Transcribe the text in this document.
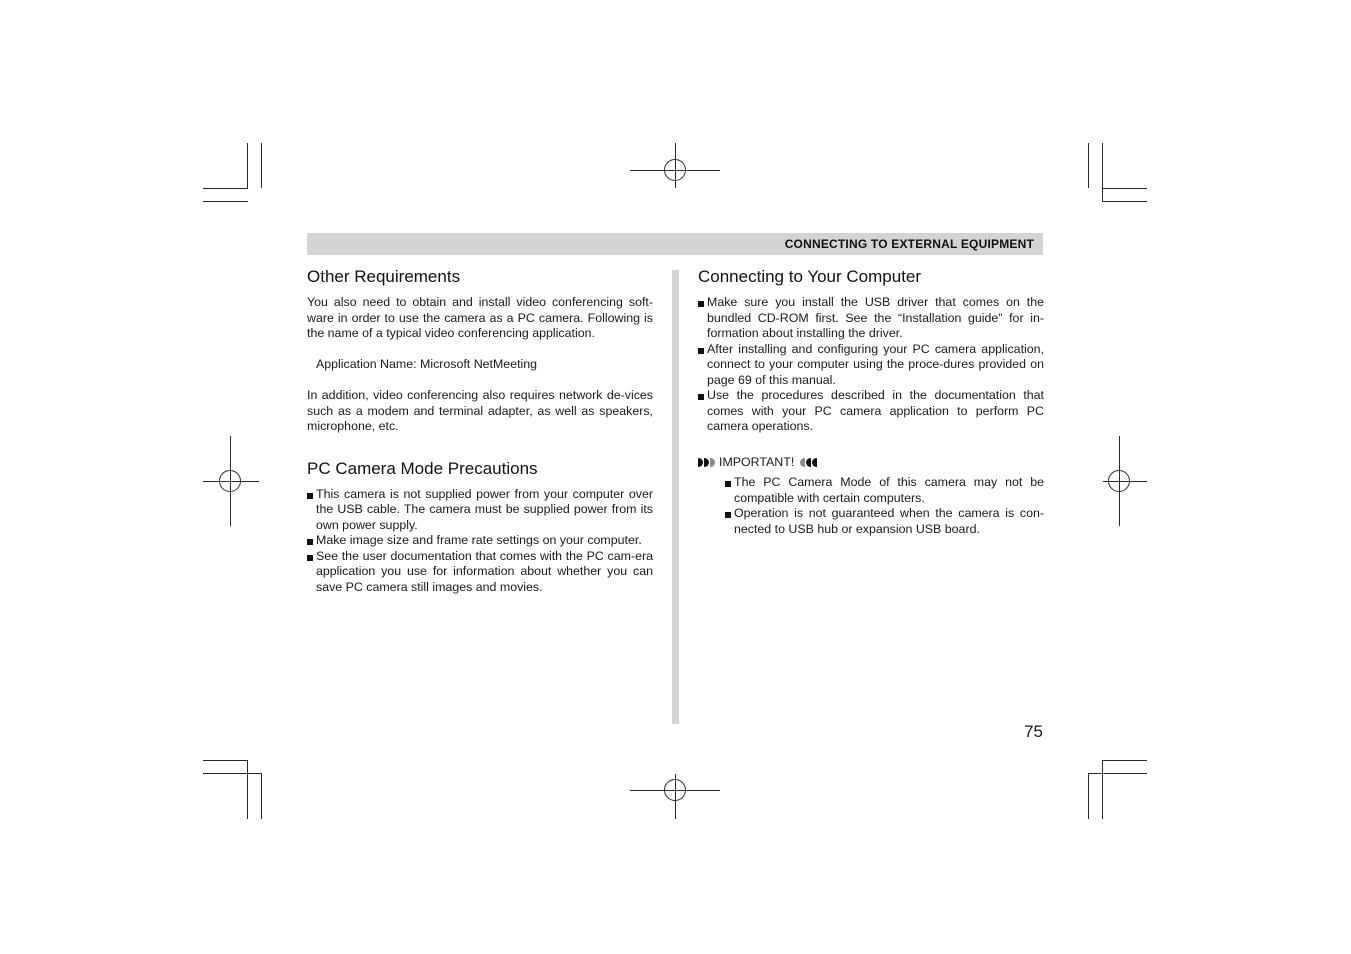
CONNECTING TO EXTERNAL EQUIPMENT
Other Requirements

You also need to obtain and install video conferencing soft-ware in order to use the camera as a PC camera. Following is the name of a typical video conferencing application.

Application Name: Microsoft NetMeeting

In addition, video conferencing also requires network de-vices such as a modem and terminal adapter, as well as speakers, microphone, etc.

PC Camera Mode Precautions
This camera is not supplied power from your computer over the USB cable. The camera must be supplied power from its own power supply.
Make image size and frame rate settings on your computer.
See the user documentation that comes with the PC cam-era application you use for information about whether you can save PC camera still images and movies.
Connecting to Your Computer
Make sure you install the USB driver that comes on the bundled CD-ROM first. See the “Installation guide” for in-formation about installing the driver.
After installing and configuring your PC camera application, connect to your computer using the proce-dures provided on page 69 of this manual.
Use the procedures described in the documentation that comes with your PC camera application to perform PC camera operations.
IMPORTANT!
The PC Camera Mode of this camera may not be compatible with certain computers.
Operation is not guaranteed when the camera is con-nected to USB hub or expansion USB board.
75
